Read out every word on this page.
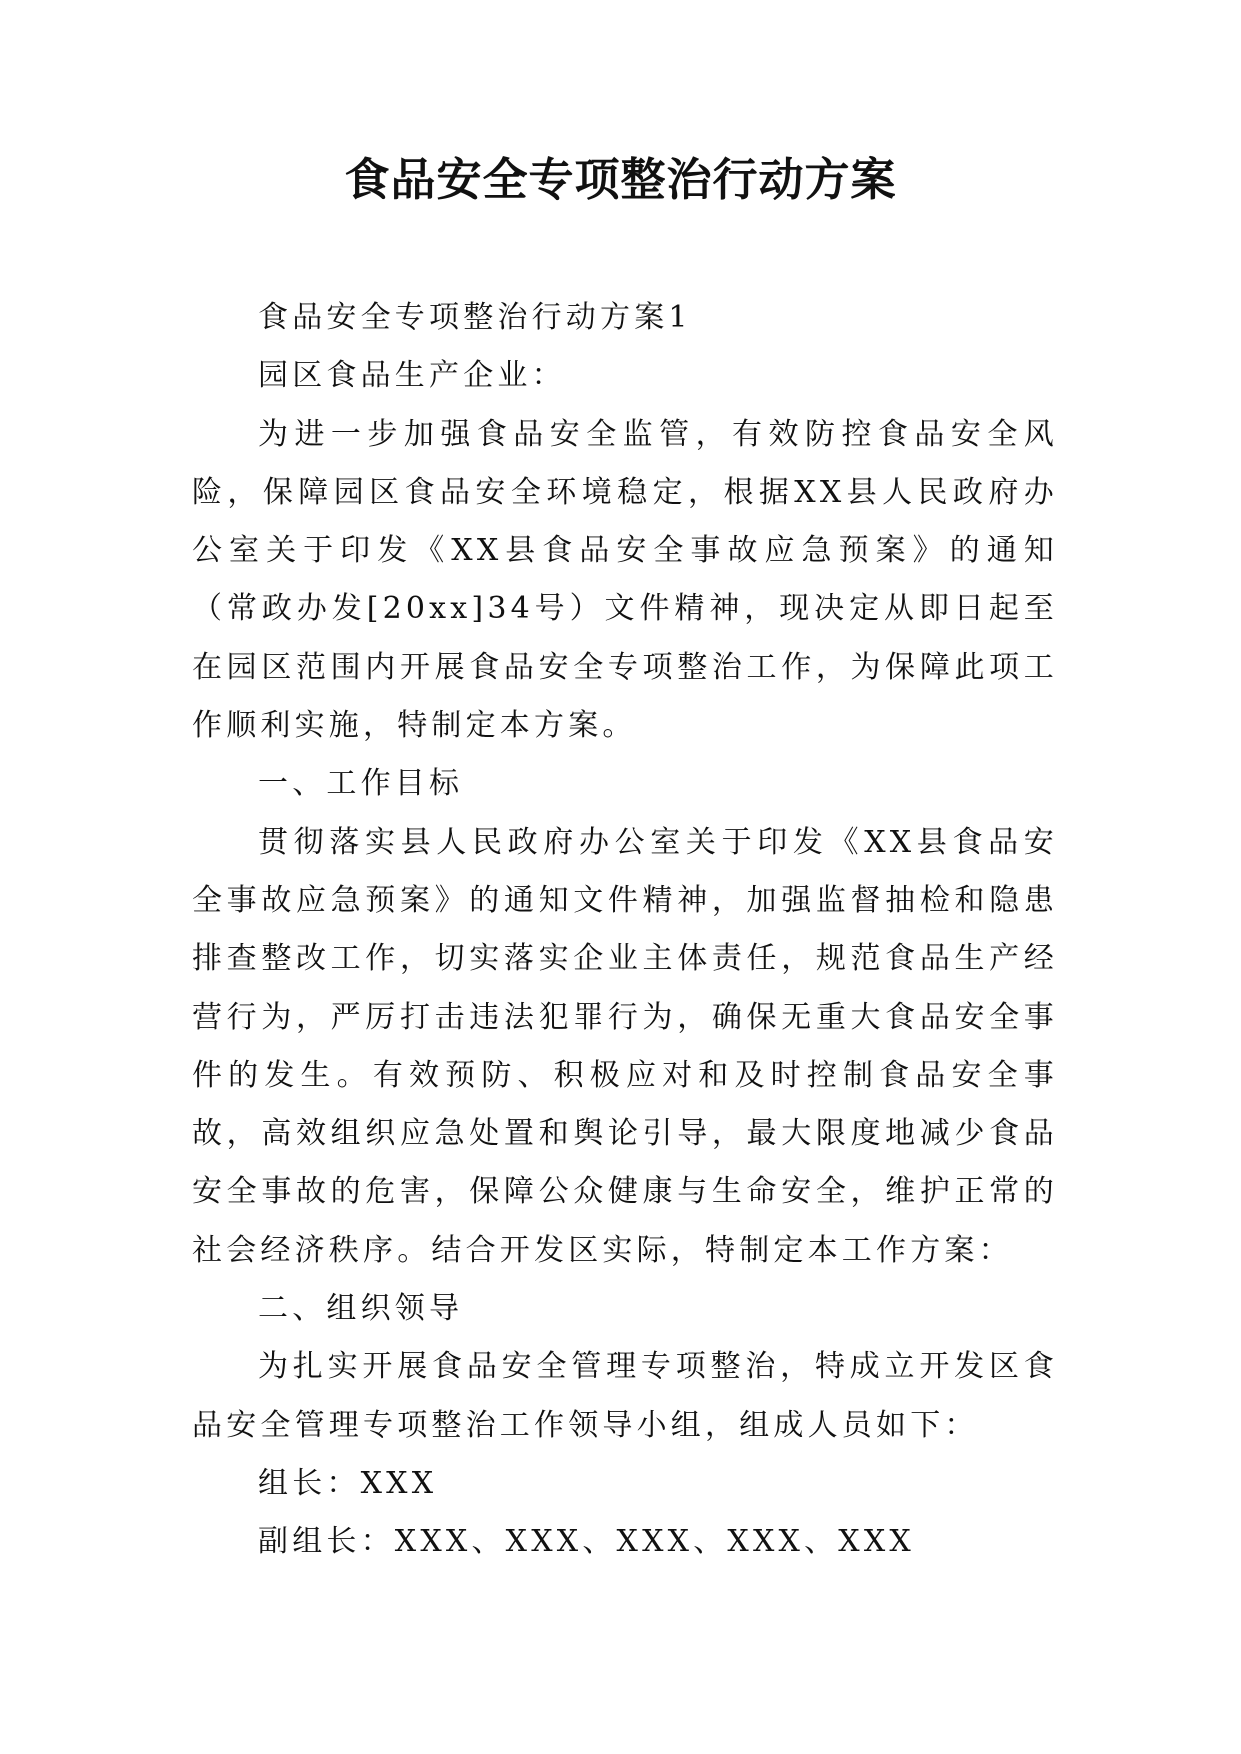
食品安全专项整治行动方案

食品安全专项整治行动方案1

园区食品生产企业：

为进一步加强食品安全监管，有效防控食品安全风险，保障园区食品安全环境稳定，根据XX县人民政府办公室关于印发《XX县食品安全事故应急预案》的通知（常政办发[20xx]34号）文件精神，现决定从即日起至在园区范围内开展食品安全专项整治工作，为保障此项工作顺利实施，特制定本方案。

一、工作目标

贯彻落实县人民政府办公室关于印发《XX县食品安全事故应急预案》的通知文件精神，加强监督抽检和隐患排查整改工作，切实落实企业主体责任，规范食品生产经营行为，严厉打击违法犯罪行为，确保无重大食品安全事件的发生。有效预防、积极应对和及时控制食品安全事故，高效组织应急处置和舆论引导，最大限度地减少食品安全事故的危害，保障公众健康与生命安全，维护正常的社会经济秩序。结合开发区实际，特制定本工作方案：

二、组织领导

为扎实开展食品安全管理专项整治，特成立开发区食品安全管理专项整治工作领导小组，组成人员如下：

组长：XXX

副组长：XXX、XXX、XXX、XXX、XXX
